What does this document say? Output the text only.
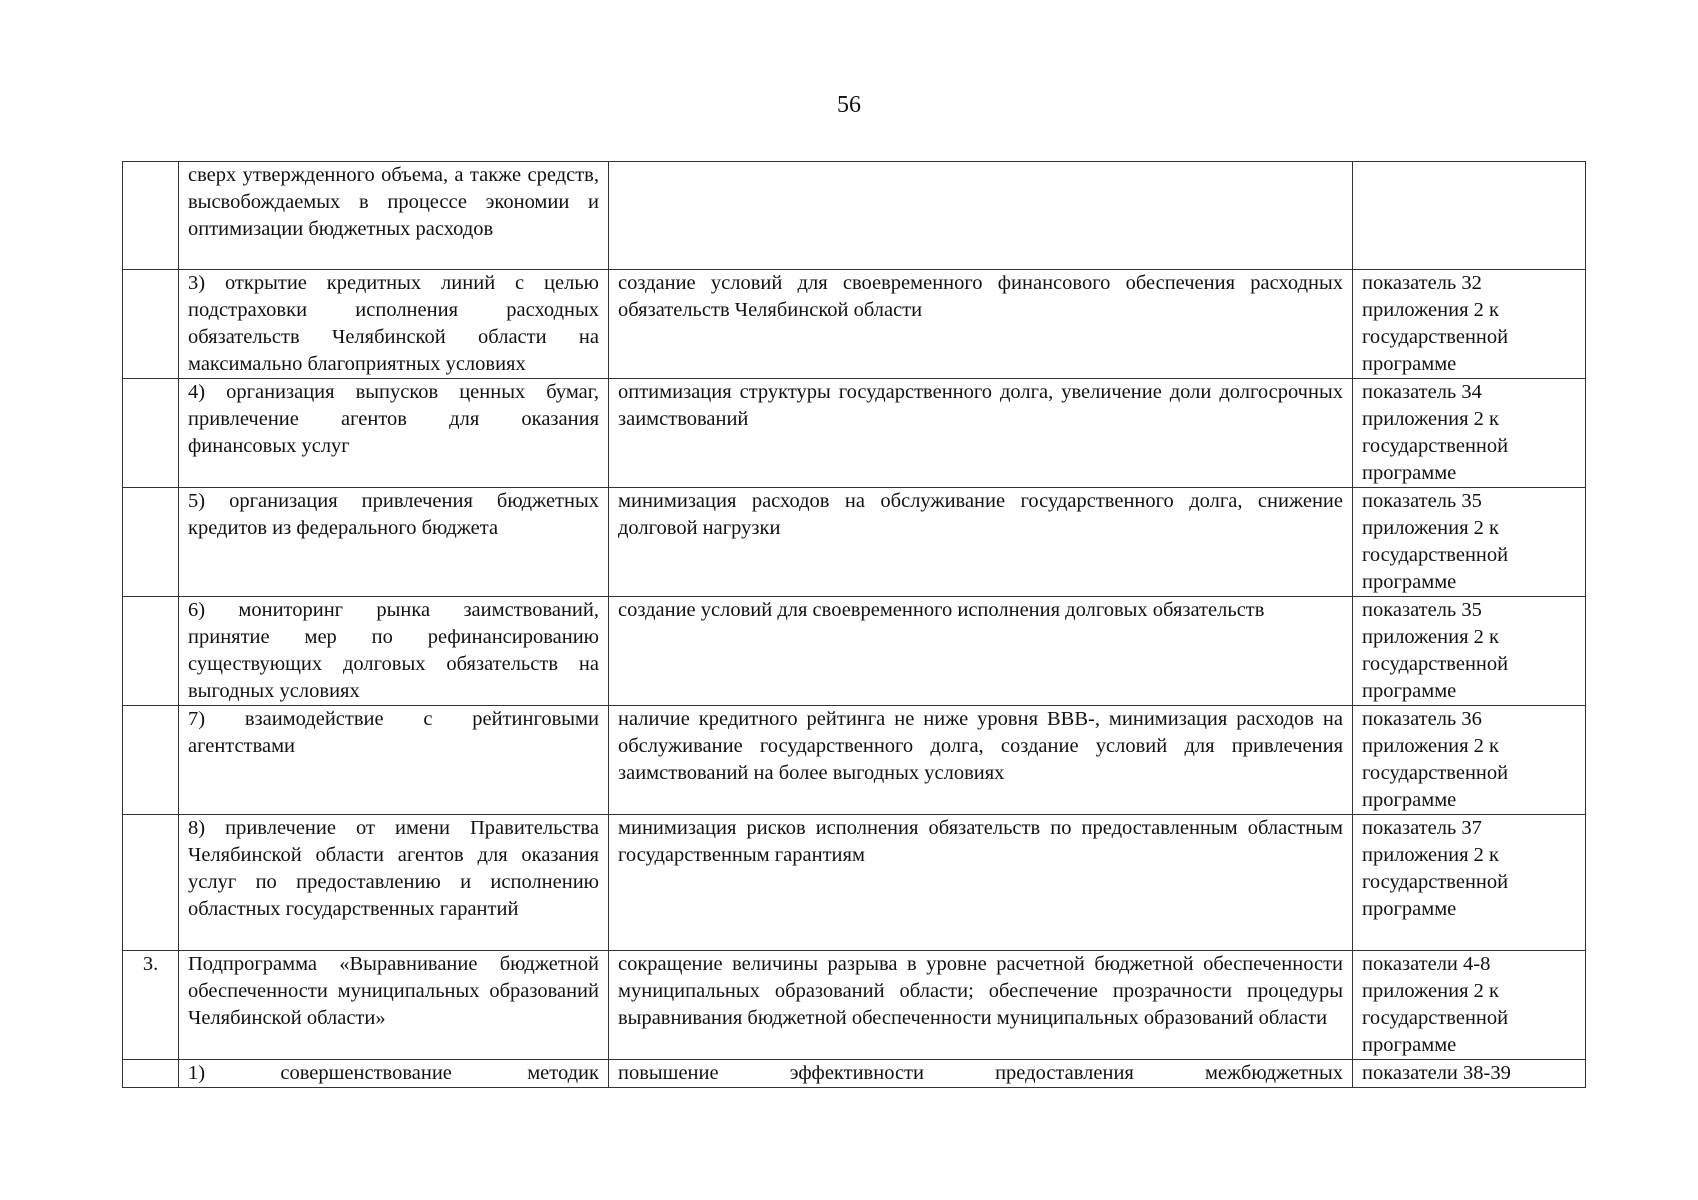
56
	сверх утвержденного объема, а также средств, высвобождаемых в процессе экономии и оптимизации бюджетных расходов		
	3) открытие кредитных линий с целью подстраховки исполнения расходных обязательств Челябинской области на максимально благоприятных условиях	создание условий для своевременного финансового обеспечения расходных обязательств Челябинской области	показатель 32 приложения 2 к государственной программе
	4) организация выпусков ценных бумаг, привлечение агентов для оказания финансовых услуг	оптимизация структуры государственного долга, увеличение доли долгосрочных заимствований	показатель 34 приложения 2 к государственной программе
	5) организация привлечения бюджетных кредитов из федерального бюджета	минимизация расходов на обслуживание государственного долга, снижение долговой нагрузки	показатель 35 приложения 2 к государственной программе
	6) мониторинг рынка заимствований, принятие мер по рефинансированию существующих долговых обязательств на выгодных условиях	создание условий для своевременного исполнения долговых обязательств	показатель 35 приложения 2 к государственной программе
	7) взаимодействие с рейтинговыми агентствами	наличие кредитного рейтинга не ниже уровня ВВВ-, минимизация расходов на обслуживание государственного долга, создание условий для привлечения заимствований на более выгодных условиях	показатель 36 приложения 2 к государственной программе
	8) привлечение от имени Правительства Челябинской области агентов для оказания услуг по предоставлению и исполнению областных государственных гарантий	минимизация рисков исполнения обязательств по предоставленным областным государственным гарантиям	показатель 37 приложения 2 к государственной программе
3.	Подпрограмма «Выравнивание бюджетной обеспеченности муниципальных образований Челябинской области»	сокращение величины разрыва в уровне расчетной бюджетной обеспеченности муниципальных образований области; обеспечение прозрачности процедуры выравнивания бюджетной обеспеченности муниципальных образований области	показатели 4-8 приложения 2 к государственной программе
	1) совершенствование методик	повышение эффективности предоставления межбюджетных	показатели 38-39
